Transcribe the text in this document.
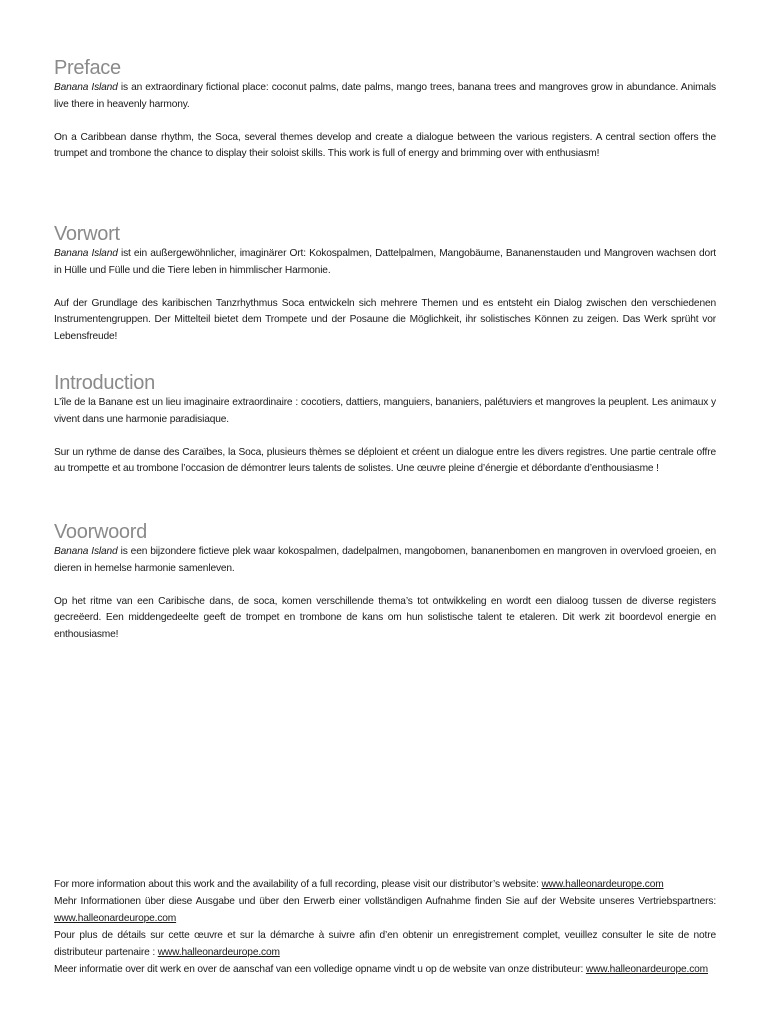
Preface

Banana Island is an extraordinary fictional place: coconut palms, date palms, mango trees, banana trees and mangroves grow in abundance. Animals live there in heavenly harmony.

On a Caribbean danse rhythm, the Soca, several themes develop and create a dialogue between the various registers. A central section offers the trumpet and trombone the chance to display their soloist skills. This work is full of energy and brimming over with enthusiasm!

Vorwort

Banana Island ist ein außergewöhnlicher, imaginärer Ort: Kokospalmen, Dattelpalmen, Mangobäume, Bananenstauden und Mangroven wachsen dort in Hülle und Fülle und die Tiere leben in himmlischer Harmonie.

Auf der Grundlage des karibischen Tanzrhythmus Soca entwickeln sich mehrere Themen und es entsteht ein Dialog zwischen den verschiedenen Instrumentengruppen. Der Mittelteil bietet dem Trompete und der Posaune die Möglichkeit, ihr solistisches Können zu zeigen. Das Werk sprüht vor Lebensfreude!

Introduction

L’île de la Banane est un lieu imaginaire extraordinaire : cocotiers, dattiers, manguiers, bananiers, palétuviers et mangroves la peuplent. Les animaux y vivent dans une harmonie paradisiaque.

Sur un rythme de danse des Caraïbes, la Soca, plusieurs thèmes se déploient et créent un dialogue entre les divers registres. Une partie centrale offre au trompette et au trombone l’occasion de démontrer leurs talents de solistes. Une œuvre pleine d’énergie et débordante d’enthousiasme !

Voorwoord

Banana Island is een bijzondere fictieve plek waar kokospalmen, dadelpalmen, mangobomen, bananenbomen en mangroven in overvloed groeien, en dieren in hemelse harmonie samenleven.

Op het ritme van een Caribische dans, de soca, komen verschillende thema’s tot ontwikkeling en wordt een dialoog tussen de diverse registers gecreëerd. Een middengedeelte geeft de trompet en trombone de kans om hun solistische talent te etaleren. Dit werk zit boordevol energie en enthousiasme!

For more information about this work and the availability of a full recording, please visit our distributor’s website: www.halleonardeurope.com

Mehr Informationen über diese Ausgabe und über den Erwerb einer vollständigen Aufnahme finden Sie auf der Website unseres Vertriebspartners: www.halleonardeurope.com

Pour plus de détails sur cette œuvre et sur la démarche à suivre afin d’en obtenir un enregistrement complet, veuillez consulter le site de notre distributeur partenaire : www.halleonardeurope.com

Meer informatie over dit werk en over de aanschaf van een volledige opname vindt u op de website van onze distributeur: www.halleonardeurope.com
